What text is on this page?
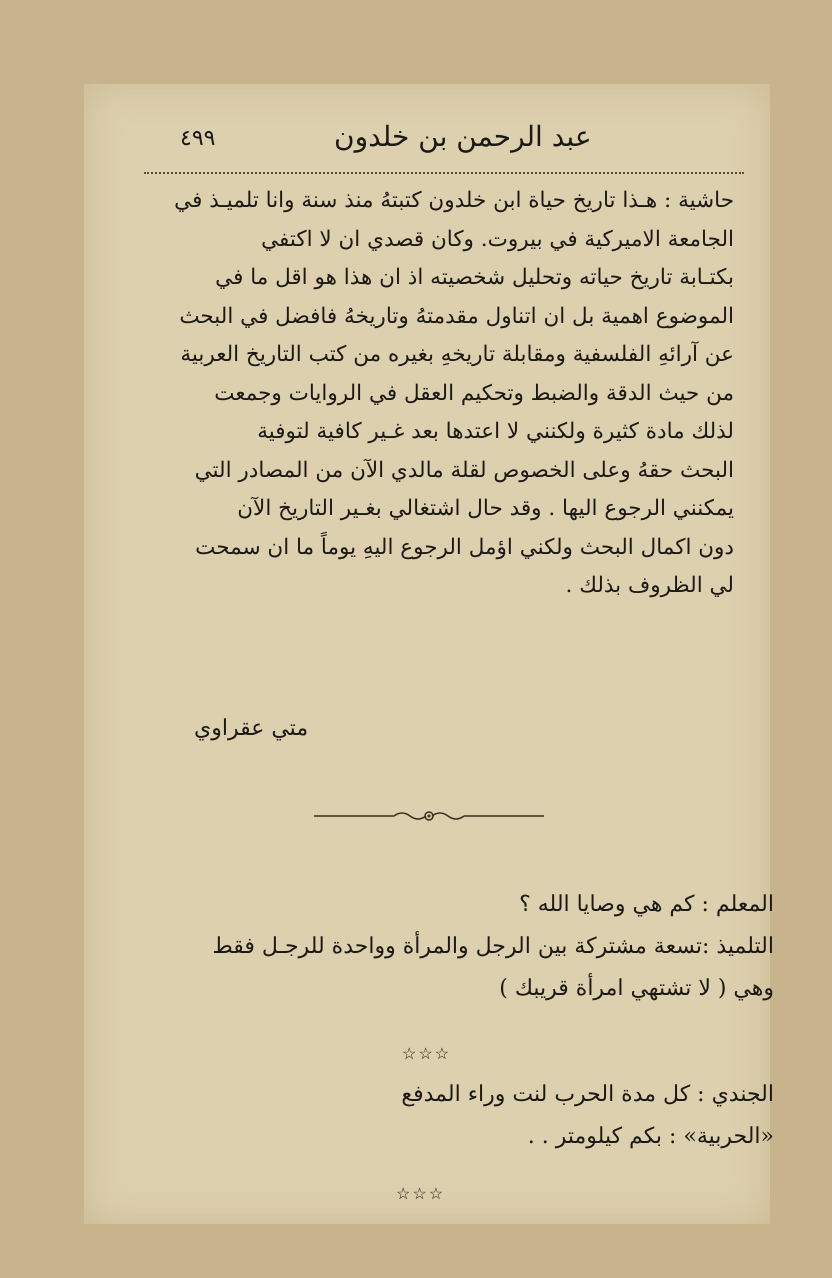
٤٩٩	عبد الرحمن بن خلدون
حاشية : هـذا تاريخ حياة ابن خلدون كتبتهُ منذ سنة وانا تلميـذ في
الجامعة الاميركية في بيروت. وكان قصدي ان لا اكتفي
بكتـابة تاريخ حياته وتحليل شخصيته اذ ان هذا هو اقل ما في
الموضوع اهمية بل ان اتناول مقدمتهُ وتاريخهُ فافضل في البحث
عن آرائهِ الفلسفية ومقابلة تاريخهِ بغيره من كتب التاريخ العربية
من حيث الدقة والضبط وتحكيم العقل في الروايات وجمعت
لذلك مادة كثيرة ولكنني لا اعتدها بعد غـير كافية لتوفية
البحث حقهُ وعلى الخصوص لقلة مالدي الآن من المصادر التي
يمكنني الرجوع اليها . وقد حال اشتغالي بغـير التاريخ الآن
دون اكمال البحث ولكني اؤمل الرجوع اليهِ يوماً ما ان سمحت
لي الظروف بذلك .
متي عقراوي
المعلم : كم هي وصايا الله ؟
التلميذ :تسعة مشتركة بين الرجل والمرأة وواحدة للرجـل فقط
وهي ( لا تشتهي امرأة قريبك )
☆☆☆
الجندي : كل مدة الحرب لنت وراء المدفع
«الحربية» : بكم كيلومتر . .
☆☆☆
